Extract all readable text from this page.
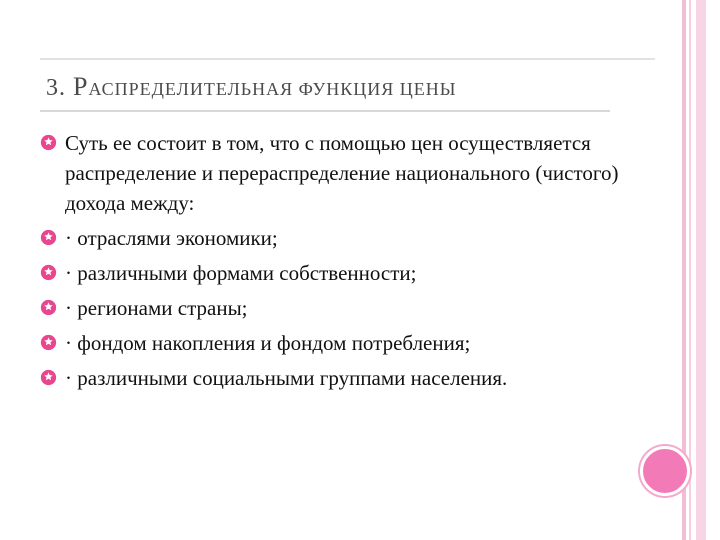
3. РАСПРЕДЕЛИТЕЛЬНАЯ ФУНКЦИЯ ЦЕНЫ
Суть ее состоит в том, что с помощью цен осуществляется распределение и перераспределение национального (чистого) дохода между:
· отраслями экономики;
· различными формами собственности;
· регионами страны;
· фондом накопления и фондом потребления;
· различными социальными группами населения.
